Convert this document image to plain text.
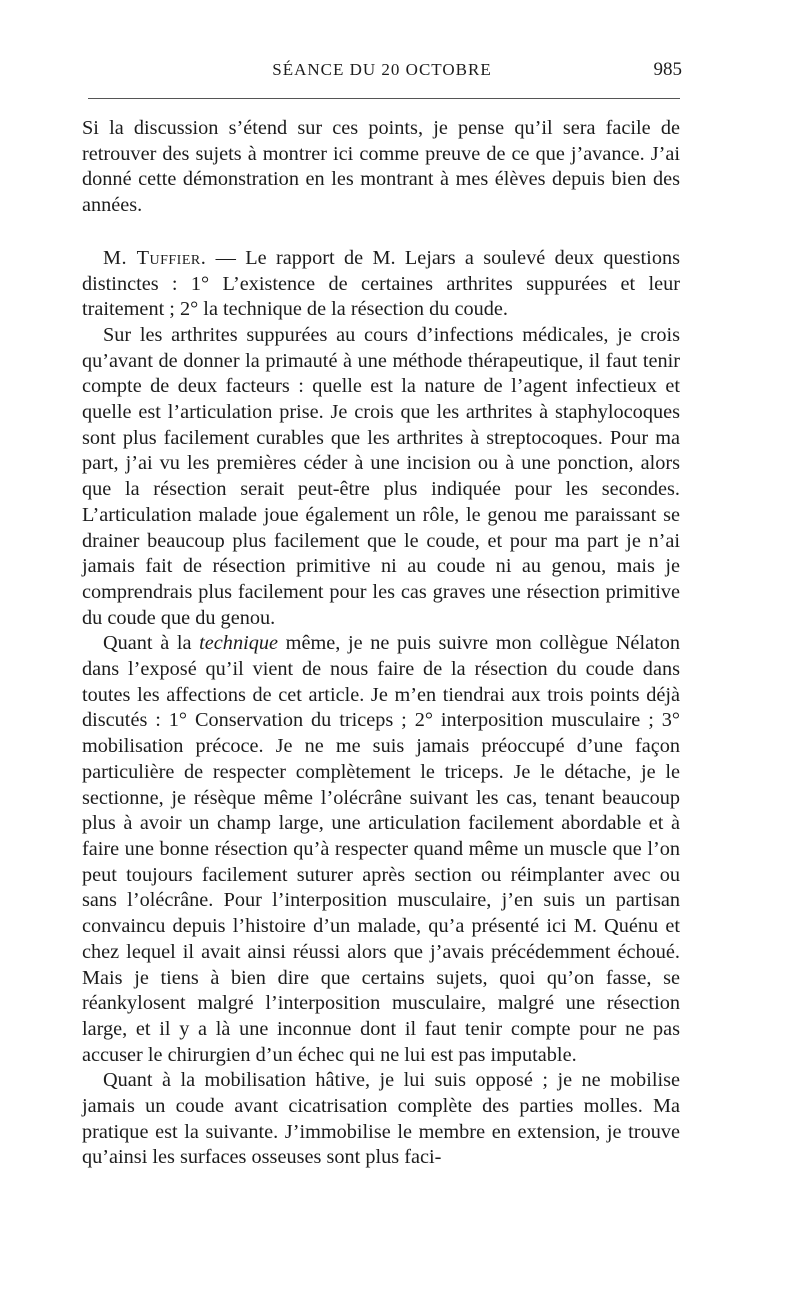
SÉANCE DU 20 OCTOBRE	985

Si la discussion s’étend sur ces points, je pense qu’il sera facile de retrouver des sujets à montrer ici comme preuve de ce que j’avance. J’ai donné cette démonstration en les montrant à mes élèves depuis bien des années.

M. Tuffier. — Le rapport de M. Lejars a soulevé deux questions distinctes : 1° L’existence de certaines arthrites suppurées et leur traitement ; 2° la technique de la résection du coude.

Sur les arthrites suppurées au cours d’infections médicales, je crois qu’avant de donner la primauté à une méthode thérapeutique, il faut tenir compte de deux facteurs : quelle est la nature de l’agent infectieux et quelle est l’articulation prise. Je crois que les arthrites à staphylocoques sont plus facilement curables que les arthrites à streptocoques. Pour ma part, j’ai vu les premières céder à une incision ou à une ponction, alors que la résection serait peut-être plus indiquée pour les secondes. L’articulation malade joue également un rôle, le genou me paraissant se drainer beaucoup plus facilement que le coude, et pour ma part je n’ai jamais fait de résection primitive ni au coude ni au genou, mais je comprendrais plus facilement pour les cas graves une résection primitive du coude que du genou.

Quant à la technique même, je ne puis suivre mon collègue Nélaton dans l’exposé qu’il vient de nous faire de la résection du coude dans toutes les affections de cet article. Je m’en tiendrai aux trois points déjà discutés : 1° Conservation du triceps ; 2° interposition musculaire ; 3° mobilisation précoce. Je ne me suis jamais préoccupé d’une façon particulière de respecter complètement le triceps. Je le détache, je le sectionne, je résèque même l’olécrâne suivant les cas, tenant beaucoup plus à avoir un champ large, une articulation facilement abordable et à faire une bonne résection qu’à respecter quand même un muscle que l’on peut toujours facilement suturer après section ou réimplanter avec ou sans l’olécrâne. Pour l’interposition musculaire, j’en suis un partisan convaincu depuis l’histoire d’un malade, qu’a présenté ici M. Quénu et chez lequel il avait ainsi réussi alors que j’avais précédemment échoué. Mais je tiens à bien dire que certains sujets, quoi qu’on fasse, se réankylosent malgré l’interposition musculaire, malgré une résection large, et il y a là une inconnue dont il faut tenir compte pour ne pas accuser le chirurgien d’un échec qui ne lui est pas imputable.

Quant à la mobilisation hâtive, je lui suis opposé ; je ne mobilise jamais un coude avant cicatrisation complète des parties molles. Ma pratique est la suivante. J’immobilise le membre en extension, je trouve qu’ainsi les surfaces osseuses sont plus faci-
